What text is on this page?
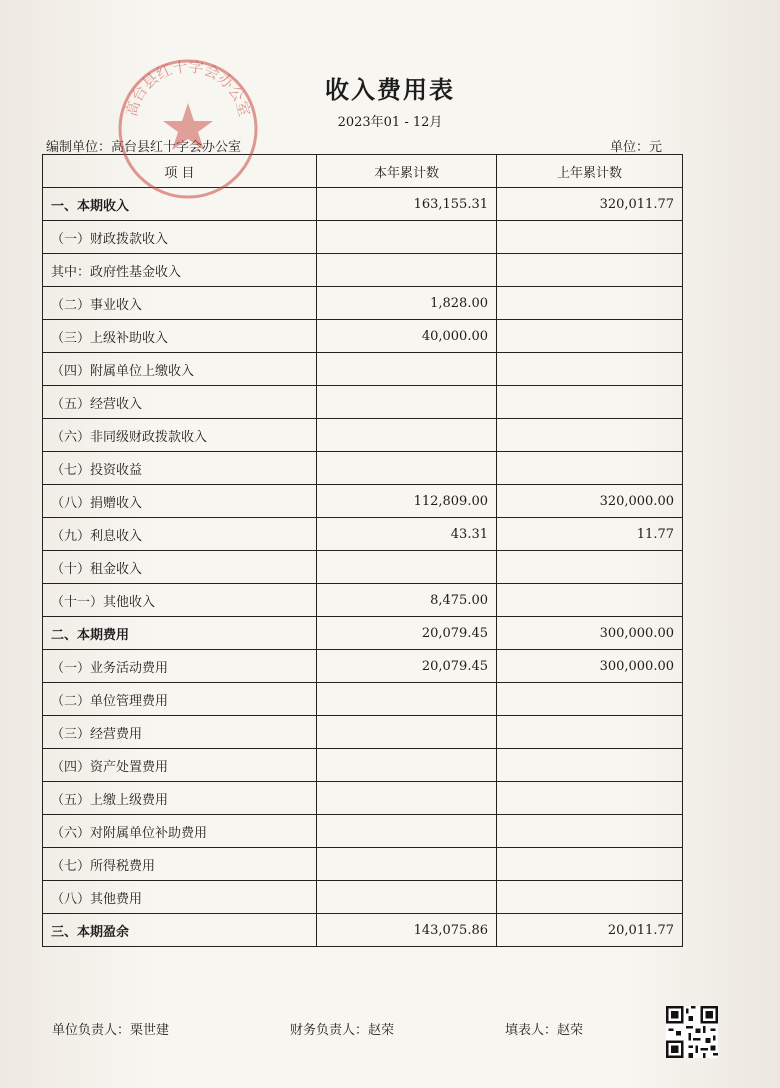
收入费用表
2023年01 - 12月
编制单位：高台县红十字会办公室	单位：元
项 目	本年累计数	上年累计数
一、本期收入	163,155.31	320,011.77
（一）财政拨款收入		
其中：政府性基金收入		
（二）事业收入	1,828.00	
（三）上级补助收入	40,000.00	
（四）附属单位上缴收入		
（五）经营收入		
（六）非同级财政拨款收入		
（七）投资收益		
（八）捐赠收入	112,809.00	320,000.00
（九）利息收入	43.31	11.77
（十）租金收入		
（十一）其他收入	8,475.00	
二、本期费用	20,079.45	300,000.00
（一）业务活动费用	20,079.45	300,000.00
（二）单位管理费用		
（三）经营费用		
（四）资产处置费用		
（五）上缴上级费用		
（六）对附属单位补助费用		
（七）所得税费用		
（八）其他费用		
三、本期盈余	143,075.86	20,011.77
单位负责人：栗世建	财务负责人：赵荣	填表人：赵荣
高台县红十字会办公室
